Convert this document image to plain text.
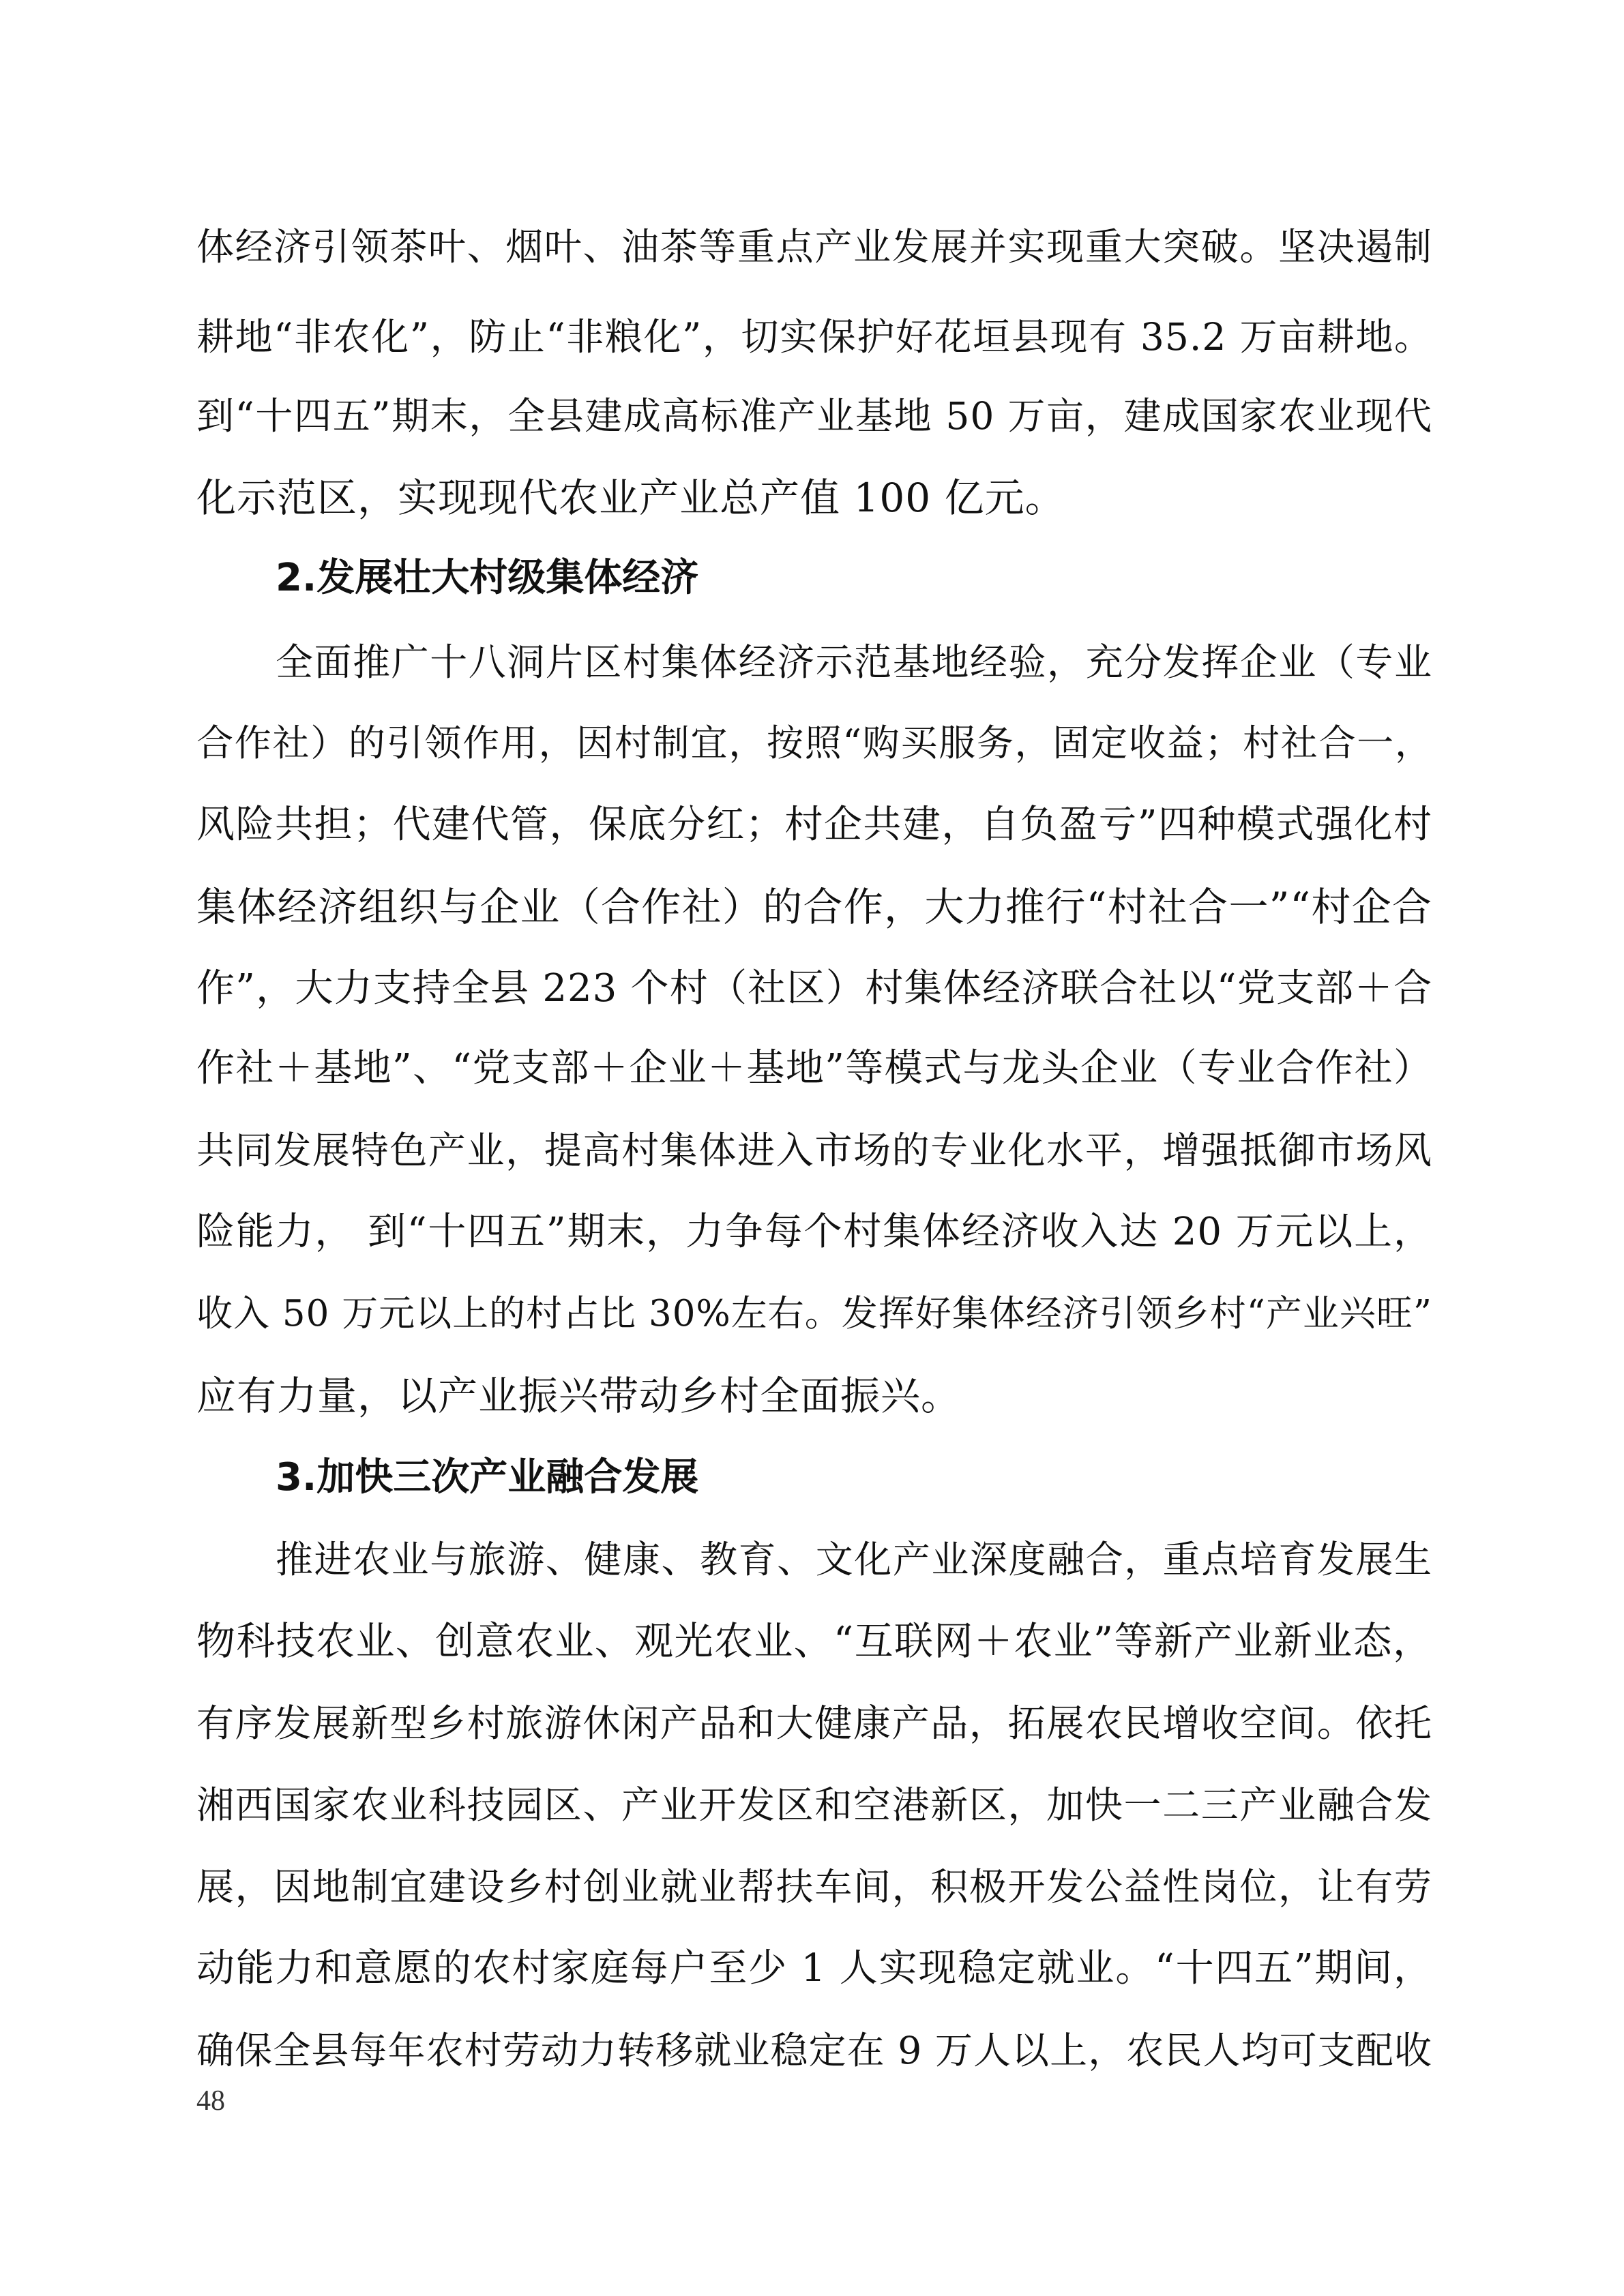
体经济引领茶叶、烟叶、油茶等重点产业发展并实现重大突破。坚决遏制

耕地“非农化”，防止“非粮化”，切实保护好花垣县现有 35.2 万亩耕地。

到“十四五”期末，全县建成高标准产业基地 50 万亩，建成国家农业现代

化示范区，实现现代农业产业总产值 100 亿元。

2.发展壮大村级集体经济

全面推广十八洞片区村集体经济示范基地经验，充分发挥企业（专业

合作社）的引领作用，因村制宜，按照“购买服务，固定收益；村社合一，

风险共担；代建代管，保底分红；村企共建，自负盈亏”四种模式强化村

集体经济组织与企业（合作社）的合作，大力推行“村社合一”“村企合

作”，大力支持全县 223 个村（社区）村集体经济联合社以“党支部＋合

作社＋基地”、“党支部＋企业＋基地”等模式与龙头企业（专业合作社）

共同发展特色产业，提高村集体进入市场的专业化水平，增强抵御市场风

险能力， 到“十四五”期末，力争每个村集体经济收入达 20 万元以上，

收入 50 万元以上的村占比 30%左右。发挥好集体经济引领乡村“产业兴旺”

应有力量，以产业振兴带动乡村全面振兴。

3.加快三次产业融合发展

推进农业与旅游、健康、教育、文化产业深度融合，重点培育发展生

物科技农业、创意农业、观光农业、“互联网＋农业”等新产业新业态，

有序发展新型乡村旅游休闲产品和大健康产品，拓展农民增收空间。依托

湘西国家农业科技园区、产业开发区和空港新区，加快一二三产业融合发

展，因地制宜建设乡村创业就业帮扶车间，积极开发公益性岗位，让有劳

动能力和意愿的农村家庭每户至少 1 人实现稳定就业。“十四五”期间，

确保全县每年农村劳动力转移就业稳定在 9 万人以上，农民人均可支配收

48
